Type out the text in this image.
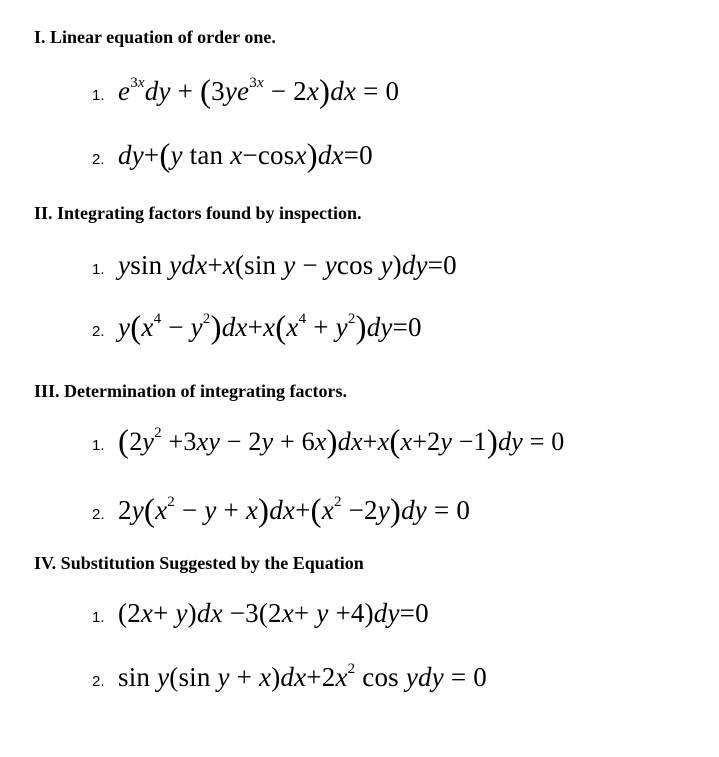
I. Linear equation of order one.
1. $e^{3x}dy + (3ye^{3x} - 2x)dx = 0$
2. dy+(y tan x−cosx)dx=0
II. Integrating factors found by inspection.
1. ysin ydx+x(sin y − ycos y)dy=0
2. $y(x^4 - y^2)dx+x(x^4 + y^2)dy=0$
III. Determination of integrating factors.
1. $(2y^2 +3xy - 2y + 6x)dx+x(x+2y -1)dy = 0$
2. $2y(x^2 - y + x)dx+(x^2 -2y)dy = 0$
IV. Substitution Suggested by the Equation
1. (2x+ y)dx −3(2x+ y +4)dy=0
2. sin y(sin $y + x)dx+2x^2$ cos ydy = 0
